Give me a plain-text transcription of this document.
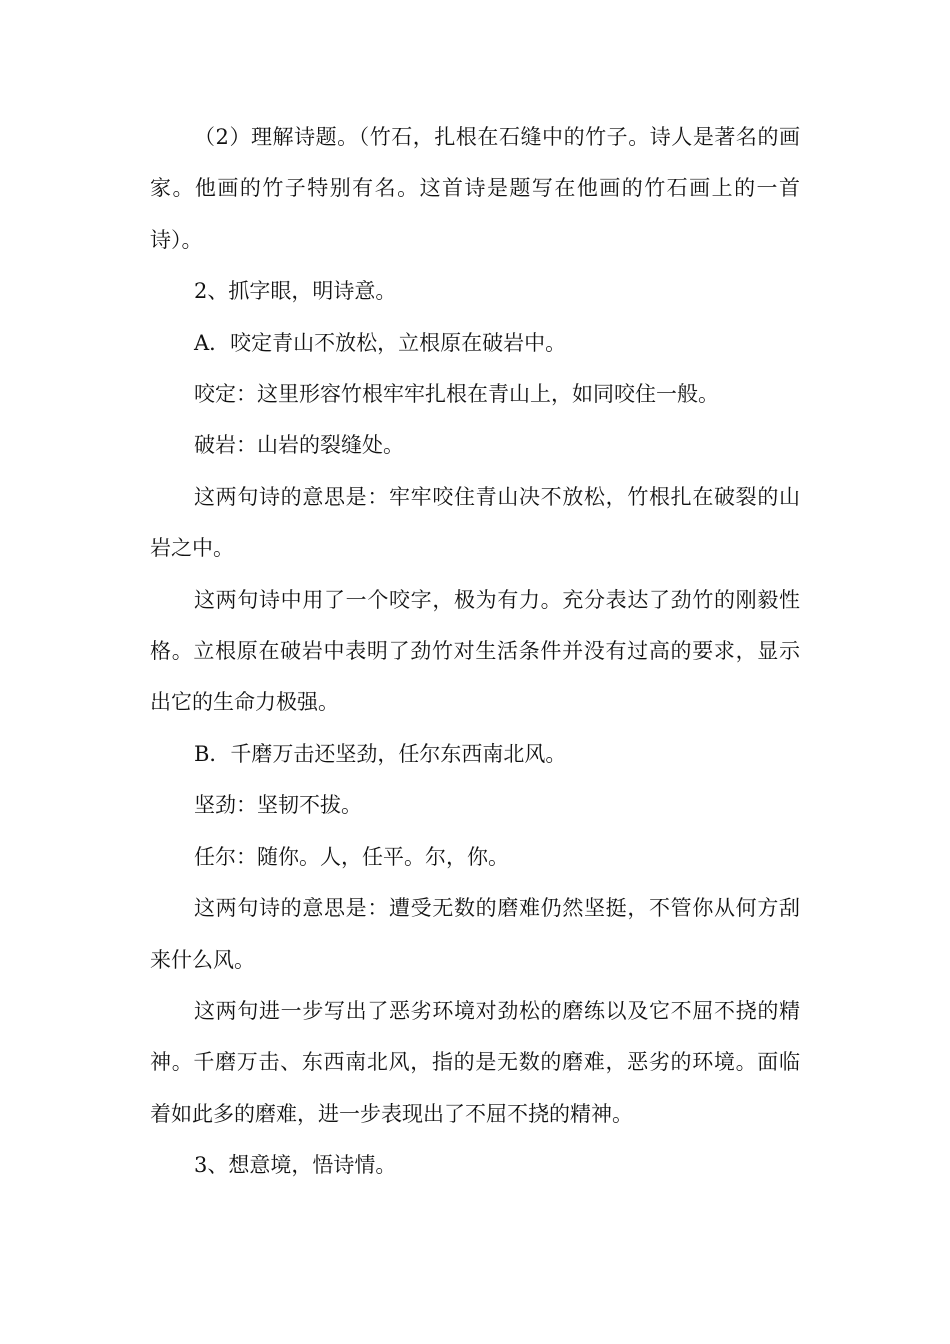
（2）理解诗题。（竹石，扎根在石缝中的竹子。诗人是著名的画家。他画的竹子特别有名。这首诗是题写在他画的竹石画上的一首诗）。

2、抓字眼，明诗意。

A．咬定青山不放松，立根原在破岩中。

咬定：这里形容竹根牢牢扎根在青山上，如同咬住一般。

破岩：山岩的裂缝处。

这两句诗的意思是：牢牢咬住青山决不放松，竹根扎在破裂的山岩之中。

这两句诗中用了一个咬字，极为有力。充分表达了劲竹的刚毅性格。立根原在破岩中表明了劲竹对生活条件并没有过高的要求，显示出它的生命力极强。

B．千磨万击还坚劲，任尔东西南北风。

坚劲：坚韧不拔。

任尔：随你。人，任平。尔，你。

这两句诗的意思是：遭受无数的磨难仍然坚挺，不管你从何方刮来什么风。

这两句进一步写出了恶劣环境对劲松的磨练以及它不屈不挠的精神。千磨万击、东西南北风，指的是无数的磨难，恶劣的环境。面临着如此多的磨难，进一步表现出了不屈不挠的精神。

3、想意境，悟诗情。
